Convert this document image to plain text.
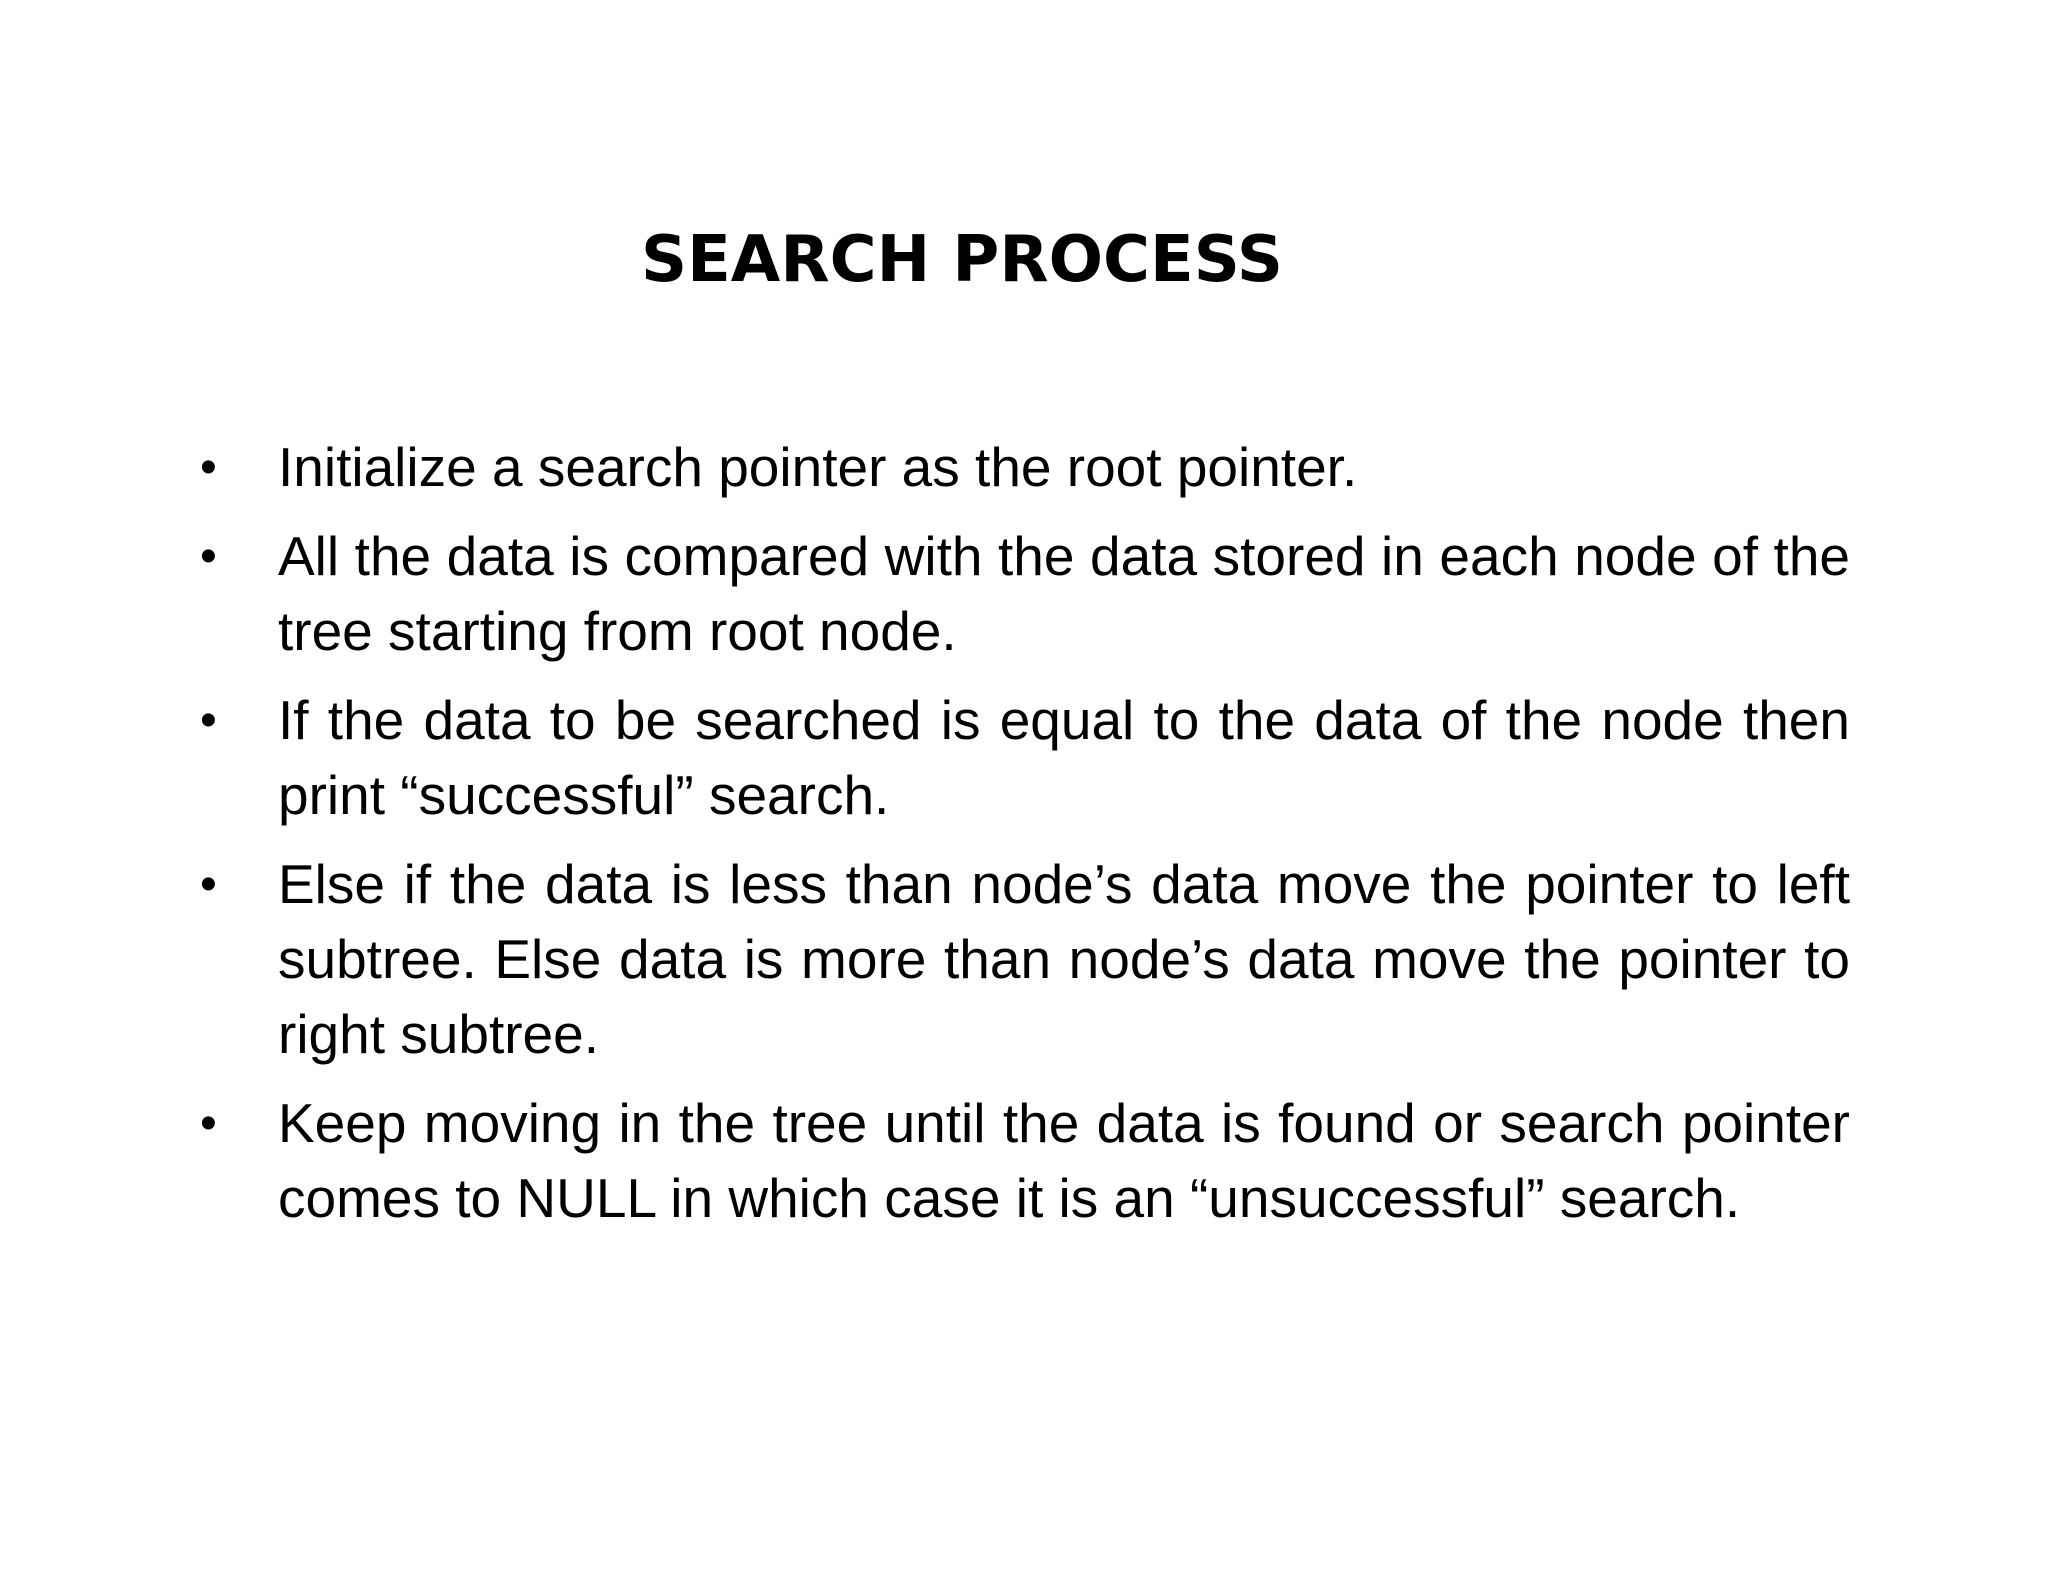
SEARCH PROCESS
• Initialize a search pointer as the root pointer.
• All the data is compared with the data stored in each node of the tree starting from root node.
• If the data to be searched is equal to the data of the node then print “successful” search.
• Else if the data is less than node’s data move the pointer to left subtree. Else data is more than node’s data move the pointer to right subtree.
• Keep moving in the tree until the data is found or search pointer comes to NULL in which case it is an “unsuccessful” search.
